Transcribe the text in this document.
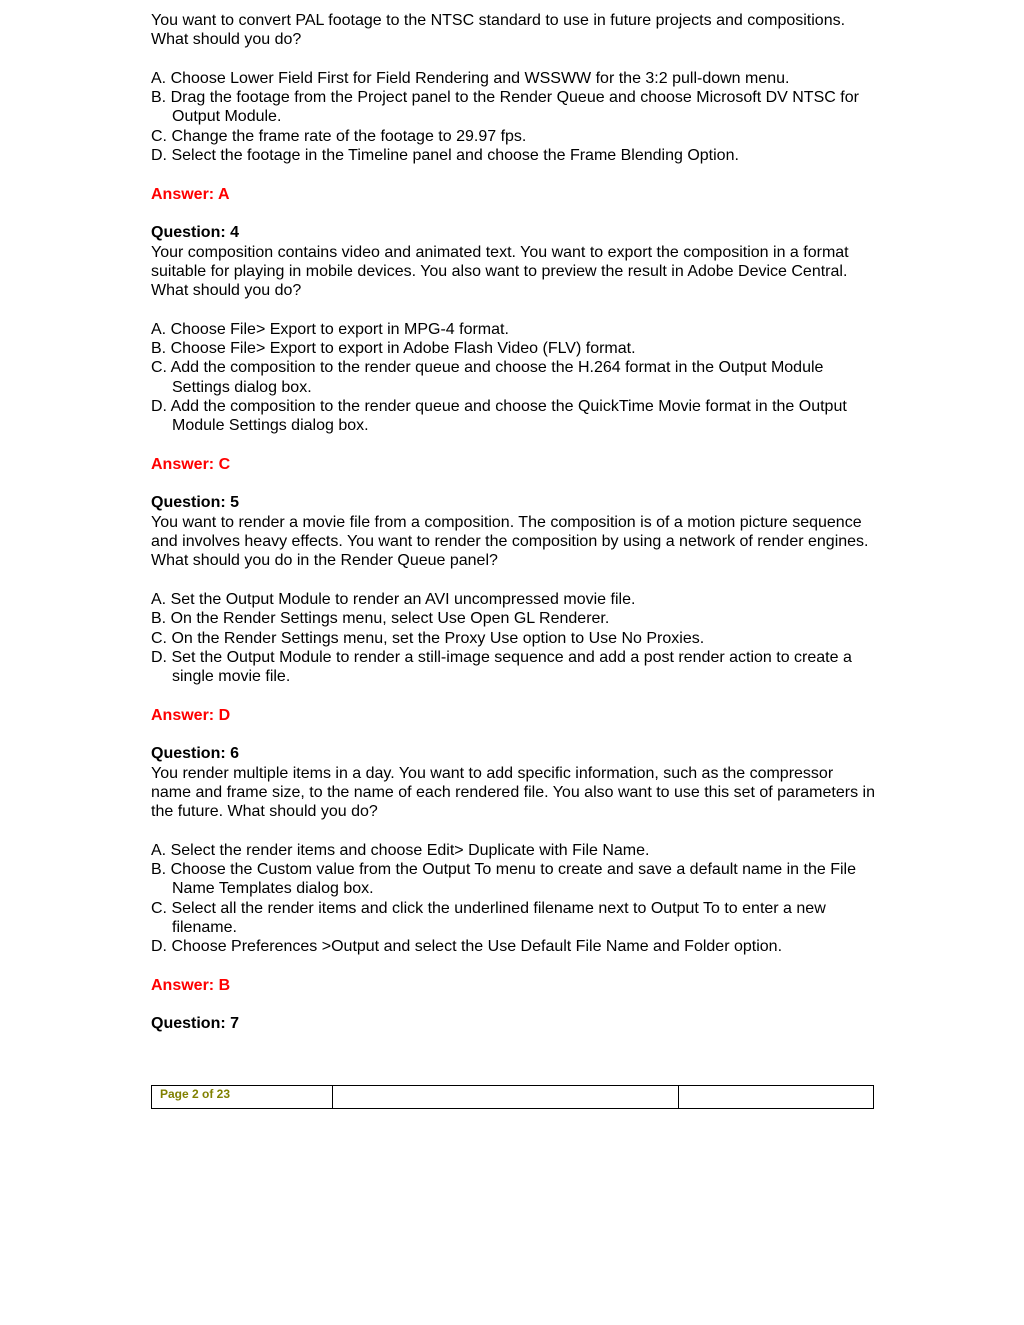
You want to convert PAL footage to the NTSC standard to use in future projects and compositions. What should you do?

A. Choose Lower Field First for Field Rendering and WSSWW for the 3:2 pull-down menu.

B. Drag the footage from the Project panel to the Render Queue and choose Microsoft DV NTSC for Output Module.

C. Change the frame rate of the footage to 29.97 fps.

D. Select the footage in the Timeline panel and choose the Frame Blending Option.

Answer: A

Question: 4

Your composition contains video and animated text. You want to export the composition in a format suitable for playing in mobile devices. You also want to preview the result in Adobe Device Central. What should you do?

A. Choose File> Export to export in MPG-4 format.

B. Choose File> Export to export in Adobe Flash Video (FLV) format.

C. Add the composition to the render queue and choose the H.264 format in the Output Module Settings dialog box.

D. Add the composition to the render queue and choose the QuickTime Movie format in the Output Module Settings dialog box.

Answer: C

Question: 5

You want to render a movie file from a composition. The composition is of a motion picture sequence and involves heavy effects. You want to render the composition by using a network of render engines. What should you do in the Render Queue panel?

A. Set the Output Module to render an AVI uncompressed movie file.

B. On the Render Settings menu, select Use Open GL Renderer.

C. On the Render Settings menu, set the Proxy Use option to Use No Proxies.

D. Set the Output Module to render a still-image sequence and add a post render action to create a single movie file.

Answer: D

Question: 6

You render multiple items in a day. You want to add specific information, such as the compressor name and frame size, to the name of each rendered file. You also want to use this set of parameters in the future. What should you do?

A. Select the render items and choose Edit> Duplicate with File Name.

B. Choose the Custom value from the Output To menu to create and save a default name in the File Name Templates dialog box.

C. Select all the render items and click the underlined filename next to Output To to enter a new filename.

D. Choose Preferences >Output and select the Use Default File Name and Folder option.

Answer: B

Question: 7

Page 2 of 23
